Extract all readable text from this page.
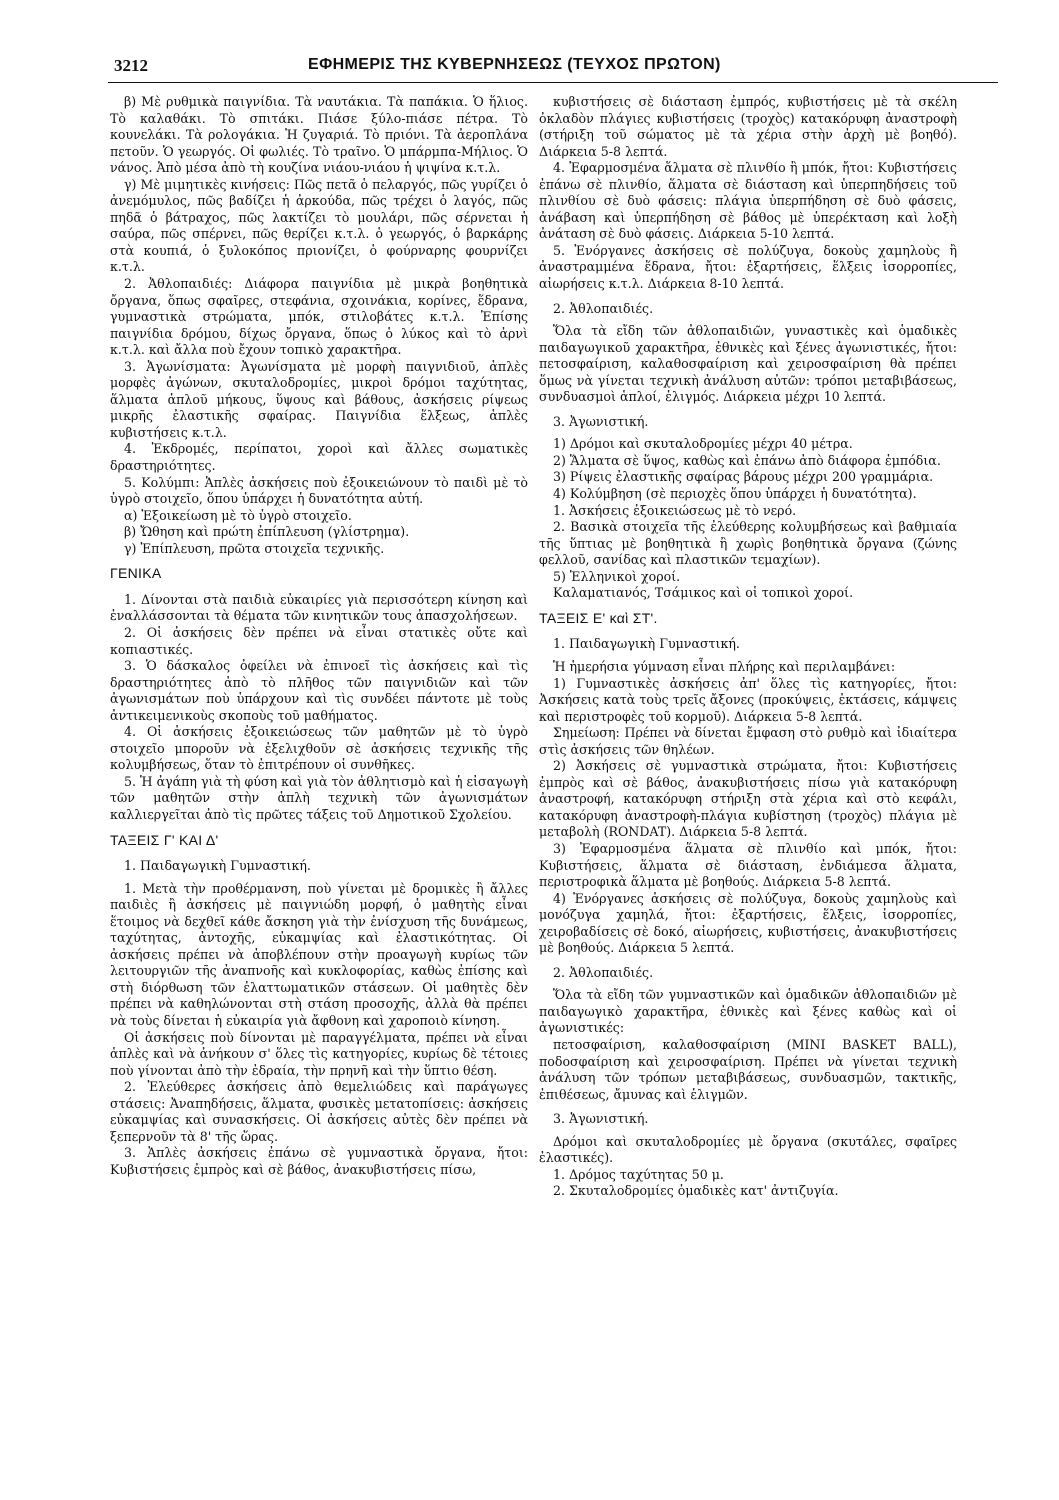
3212	ΕΦΗΜΕΡΙΣ ΤΗΣ ΚΥΒΕΡΝΗΣΕΩΣ (ΤΕΥΧΟΣ ΠΡΩΤΟΝ)

β) Μὲ ρυθμικὰ παιγνίδια. Τὰ ναυτάκια. Τὰ παπάκια. Ὁ ἥλιος. Τὸ καλαθάκι. Τὸ σπιτάκι. Πιάσε ξύλο-πιάσε πέτρα. Τὸ κουνελάκι. Τὰ ρολογάκια. Ἡ ζυγαριά. Τὸ πριόνι. Τὰ ἀεροπλάνα πετοῦν. Ὁ γεωργός. Οἱ φωλιές. Τὸ τραῖνο. Ὁ μπάρμπα-Μήλιος. Ὁ νάνος. Ἀπὸ μέσα ἀπὸ τὴ κουζίνα νιάου-νιάου ἡ ψιψίνα κ.τ.λ.

γ) Μὲ μιμητικὲς κινήσεις: Πῶς πετᾶ ὁ πελαργός, πῶς γυρίζει ὁ ἀνεμόμυλος, πῶς βαδίζει ἡ ἀρκούδα, πῶς τρέχει ὁ λαγός, πῶς πηδᾶ ὁ βάτραχος, πῶς λακτίζει τὸ μουλάρι, πῶς σέρνεται ἡ σαύρα, πῶς σπέρνει, πῶς θερίζει κ.τ.λ. ὁ γεωργός, ὁ βαρκάρης στὰ κουπιά, ὁ ξυλοκόπος πριονίζει, ὁ φούρναρης φουρνίζει κ.τ.λ.

2. Ἀθλοπαιδιές: Διάφορα παιγνίδια μὲ μικρὰ βοηθητικὰ ὄργανα, ὅπως σφαῖρες, στεφάνια, σχοινάκια, κορίνες, ἕδρανα, γυμναστικὰ στρώματα, μπόκ, στιλοβάτες κ.τ.λ. Ἐπίσης παιγνίδια δρόμου, δίχως ὄργανα, ὅπως ὁ λύκος καὶ τὸ ἀρνὶ κ.τ.λ. καὶ ἄλλα ποὺ ἔχουν τοπικὸ χαρακτῆρα.

3. Ἀγωνίσματα: Ἀγωνίσματα μὲ μορφὴ παιγνιδιοῦ, ἁπλὲς μορφὲς ἀγώνων, σκυταλοδρομίες, μικροὶ δρόμοι ταχύτητας, ἅλματα ἁπλοῦ μήκους, ὕψους καὶ βάθους, ἀσκήσεις ρίψεως μικρῆς ἐλαστικῆς σφαίρας. Παιγνίδια ἕλξεως, ἁπλὲς κυβιστήσεις κ.τ.λ.

4. Ἐκδρομές, περίπατοι, χοροὶ καὶ ἄλλες σωματικὲς δραστηριότητες.

5. Κολύμπι: Ἁπλὲς ἀσκήσεις ποὺ ἐξοικειώνουν τὸ παιδὶ μὲ τὸ ὑγρὸ στοιχεῖο, ὅπου ὑπάρχει ἡ δυνατότητα αὐτή.

α) Ἐξοικείωση μὲ τὸ ὑγρὸ στοιχεῖο.

β) Ὤθηση καὶ πρώτη ἐπίπλευση (γλίστρημα).

γ) Ἐπίπλευση, πρῶτα στοιχεῖα τεχνικῆς.

ΓΕΝΙΚΑ

1. Δίνονται στὰ παιδιὰ εὐκαιρίες γιὰ περισσότερη κίνηση καὶ ἐναλλάσσονται τὰ θέματα τῶν κινητικῶν τους ἀπασχολήσεων.

2. Οἱ ἀσκήσεις δὲν πρέπει νὰ εἶναι στατικὲς οὔτε καὶ κοπιαστικές.

3. Ὁ δάσκαλος ὀφείλει νὰ ἐπινοεῖ τὶς ἀσκήσεις καὶ τὶς δραστηριότητες ἀπὸ τὸ πλῆθος τῶν παιγνιδιῶν καὶ τῶν ἀγωνισμάτων ποὺ ὑπάρχουν καὶ τὶς συνδέει πάντοτε μὲ τοὺς ἀντικειμενικοὺς σκοποὺς τοῦ μαθήματος.

4. Οἱ ἀσκήσεις ἐξοικειώσεως τῶν μαθητῶν μὲ τὸ ὑγρὸ στοιχεῖο μποροῦν νὰ ἐξελιχθοῦν σὲ ἀσκήσεις τεχνικῆς τῆς κολυμβήσεως, ὅταν τὸ ἐπιτρέπουν οἱ συνθῆκες.

5. Ἡ ἀγάπη γιὰ τὴ φύση καὶ γιὰ τὸν ἀθλητισμὸ καὶ ἡ εἰσαγωγὴ τῶν μαθητῶν στὴν ἁπλὴ τεχνικὴ τῶν ἀγωνισμάτων καλλιεργεῖται ἀπὸ τὶς πρῶτες τάξεις τοῦ Δημοτικοῦ Σχολείου.

ΤΑΞΕΙΣ Γ' ΚΑΙ Δ'

1. Παιδαγωγικὴ Γυμναστική.

1. Μετὰ τὴν προθέρμανση, ποὺ γίνεται μὲ δρομικὲς ἢ ἄλλες παιδιὲς ἢ ἀσκήσεις μὲ παιγνιώδη μορφή, ὁ μαθητὴς εἶναι ἕτοιμος νὰ δεχθεῖ κάθε ἄσκηση γιὰ τὴν ἐνίσχυση τῆς δυνάμεως, ταχύτητας, ἀντοχῆς, εὐκαμψίας καὶ ἐλαστικότητας. Οἱ ἀσκήσεις πρέπει νὰ ἀποβλέπουν στὴν προαγωγὴ κυρίως τῶν λειτουργιῶν τῆς ἀναπνοῆς καὶ κυκλοφορίας, καθὼς ἐπίσης καὶ στὴ διόρθωση τῶν ἐλαττωματικῶν στάσεων. Οἱ μαθητὲς δὲν πρέπει νὰ καθηλώνονται στὴ στάση προσοχῆς, ἀλλὰ θὰ πρέπει νὰ τοὺς δίνεται ἡ εὐκαιρία γιὰ ἄφθονη καὶ χαροποιὸ κίνηση.

Οἱ ἀσκήσεις ποὺ δίνονται μὲ παραγγέλματα, πρέπει νὰ εἶναι ἁπλὲς καὶ νὰ ἀνήκουν σ' ὅλες τὶς κατηγορίες, κυρίως δὲ τέτοιες ποὺ γίνονται ἀπὸ τὴν ἐδραία, τὴν πρηνῆ καὶ τὴν ὕπτιο θέση.

2. Ἐλεύθερες ἀσκήσεις ἀπὸ θεμελιώδεις καὶ παράγωγες στάσεις: Ἀναπηδήσεις, ἅλματα, φυσικὲς μετατοπίσεις: ἀσκήσεις εὐκαμψίας καὶ συνασκήσεις. Οἱ ἀσκήσεις αὐτὲς δὲν πρέπει νὰ ξεπερνοῦν τὰ 8' τῆς ὥρας.

3. Ἁπλὲς ἀσκήσεις ἐπάνω σὲ γυμναστικὰ ὄργανα, ἤτοι: Κυβιστήσεις ἐμπρὸς καὶ σὲ βάθος, ἀνακυβιστήσεις πίσω,

κυβιστήσεις σὲ διάσταση ἐμπρός, κυβιστήσεις μὲ τὰ σκέλη ὀκλαδὸν πλάγιες κυβιστήσεις (τροχὸς) κατακόρυφη ἀναστροφὴ (στήριξη τοῦ σώματος μὲ τὰ χέρια στὴν ἀρχὴ μὲ βοηθό). Διάρκεια 5-8 λεπτά.

4. Ἐφαρμοσμένα ἅλματα σὲ πλινθίο ἢ μπόκ, ἤτοι: Κυβιστήσεις ἐπάνω σὲ πλινθίο, ἅλματα σὲ διάσταση καὶ ὑπερπηδήσεις τοῦ πλινθίου σὲ δυὸ φάσεις: πλάγια ὑπερπήδηση σὲ δυὸ φάσεις, ἀνάβαση καὶ ὑπερπήδηση σὲ βάθος μὲ ὑπερέκταση καὶ λοξὴ ἀνάταση σὲ δυὸ φάσεις. Διάρκεια 5-10 λεπτά.

5. Ἐνόργανες ἀσκήσεις σὲ πολύζυγα, δοκοὺς χαμηλοὺς ἢ ἀναστραμμένα ἕδρανα, ἤτοι: ἐξαρτήσεις, ἕλξεις ἰσορροπίες, αἰωρήσεις κ.τ.λ. Διάρκεια 8-10 λεπτά.

2. Ἀθλοπαιδιές.

Ὅλα τὰ εἴδη τῶν ἀθλοπαιδιῶν, γυναστικὲς καὶ ὁμαδικὲς παιδαγωγικοῦ χαρακτῆρα, ἐθνικὲς καὶ ξένες ἀγωνιστικές, ἤτοι: πετοσφαίριση, καλαθοσφαίριση καὶ χειροσφαίριση θὰ πρέπει ὅμως νὰ γίνεται τεχνικὴ ἀνάλυση αὐτῶν: τρόποι μεταβιβάσεως, συνδυασμοὶ ἁπλοί, ἑλιγμός. Διάρκεια μέχρι 10 λεπτά.

3. Ἀγωνιστική.

1) Δρόμοι καὶ σκυταλοδρομίες μέχρι 40 μέτρα.

2) Ἅλματα σὲ ὕψος, καθὼς καὶ ἐπάνω ἀπὸ διάφορα ἐμπόδια.

3) Ρίψεις ἐλαστικῆς σφαίρας βάρους μέχρι 200 γραμμάρια.

4) Κολύμβηση (σὲ περιοχὲς ὅπου ὑπάρχει ἡ δυνατότητα).

1. Ἀσκήσεις ἐξοικειώσεως μὲ τὸ νερό.

2. Βασικὰ στοιχεῖα τῆς ἐλεύθερης κολυμβήσεως καὶ βαθμιαία τῆς ὕπτιας μὲ βοηθητικὰ ἢ χωρὶς βοηθητικὰ ὄργανα (ζώνης φελλοῦ, σανίδας καὶ πλαστικῶν τεμαχίων).

5) Ἑλληνικοὶ χοροί.

Καλαματιανός, Τσάμικος καὶ οἱ τοπικοὶ χοροί.

ΤΑΞΕΙΣ Ε' καὶ ΣΤ'.

1. Παιδαγωγικὴ Γυμναστική.

Ἡ ἡμερήσια γύμναση εἶναι πλήρης καὶ περιλαμβάνει:

1) Γυμναστικὲς ἀσκήσεις ἀπ' ὅλες τὶς κατηγορίες, ἤτοι: Ἀσκήσεις κατὰ τοὺς τρεῖς ἄξονες (προκύψεις, ἐκτάσεις, κάμψεις καὶ περιστροφὲς τοῦ κορμοῦ). Διάρκεια 5-8 λεπτά.

Σημείωση: Πρέπει νὰ δίνεται ἔμφαση στὸ ρυθμὸ καὶ ἰδιαίτερα στὶς ἀσκήσεις τῶν θηλέων.

2) Ἀσκήσεις σὲ γυμναστικὰ στρώματα, ἤτοι: Κυβιστήσεις ἐμπρὸς καὶ σὲ βάθος, ἀνακυβιστήσεις πίσω γιὰ κατακόρυφη ἀναστροφή, κατακόρυφη στήριξη στὰ χέρια καὶ στὸ κεφάλι, κατακόρυφη ἀναστροφὴ-πλάγια κυβίστηση (τροχὸς) πλάγια μὲ μεταβολὴ (RONDAT). Διάρκεια 5-8 λεπτά.

3) Ἐφαρμοσμένα ἅλματα σὲ πλινθίο καὶ μπόκ, ἤτοι: Κυβιστήσεις, ἅλματα σὲ διάσταση, ἐνδιάμεσα ἅλματα, περιστροφικὰ ἅλματα μὲ βοηθούς. Διάρκεια 5-8 λεπτά.

4) Ἐνόργανες ἀσκήσεις σὲ πολύζυγα, δοκοὺς χαμηλοὺς καὶ μονόζυγα χαμηλά, ἤτοι: ἐξαρτήσεις, ἕλξεις, ἰσορροπίες, χειροβαδίσεις σὲ δοκό, αἰωρήσεις, κυβιστήσεις, ἀνακυβιστήσεις μὲ βοηθούς. Διάρκεια 5 λεπτά.

2. Ἀθλοπαιδιές.

Ὅλα τὰ εἴδη τῶν γυμναστικῶν καὶ ὁμαδικῶν ἀθλοπαιδιῶν μὲ παιδαγωγικὸ χαρακτῆρα, ἐθνικὲς καὶ ξένες καθὼς καὶ οἱ ἀγωνιστικές:

πετοσφαίριση, καλαθοσφαίριση (MINI BASKET BALL), ποδοσφαίριση καὶ χειροσφαίριση. Πρέπει νὰ γίνεται τεχνικὴ ἀνάλυση τῶν τρόπων μεταβιβάσεως, συνδυασμῶν, τακτικῆς, ἐπιθέσεως, ἄμυνας καὶ ἑλιγμῶν.

3. Ἀγωνιστική.

Δρόμοι καὶ σκυταλοδρομίες μὲ ὄργανα (σκυτάλες, σφαῖρες ἐλαστικές).

1. Δρόμος ταχύτητας 50 μ.

2. Σκυταλοδρομίες ὁμαδικὲς κατ' ἀντιζυγία.
